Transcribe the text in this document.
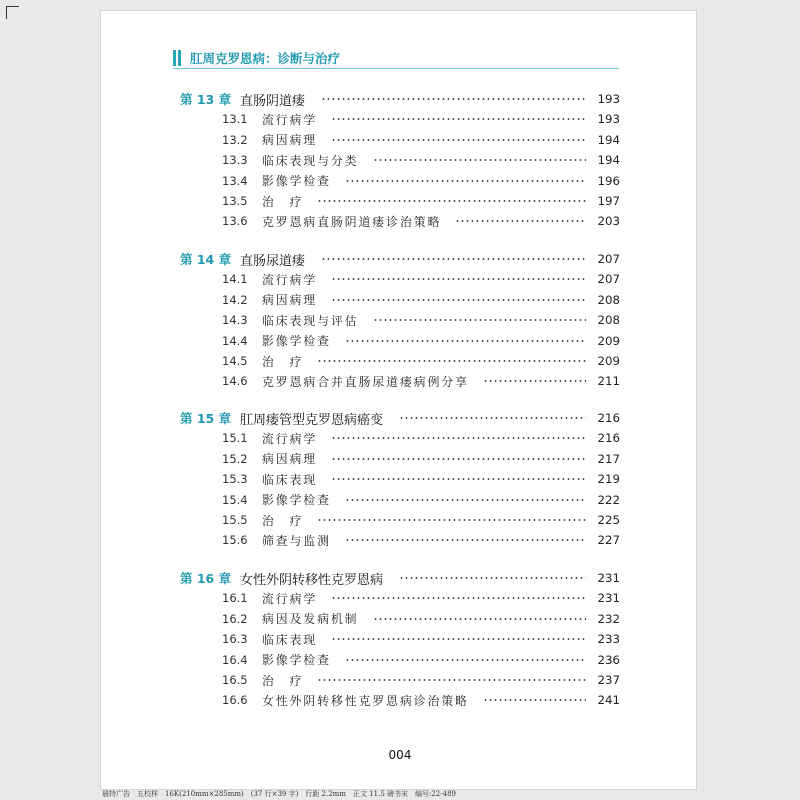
肛周克罗恩病：诊断与治疗
第 13 章 直肠阴道瘘	193
13.1	流行病学	193
13.2	病因病理	194
13.3	临床表现与分类	194
13.4	影像学检查	196
13.5	治　疗	197
13.6	克罗恩病直肠阴道瘘诊治策略	203
第 14 章 直肠尿道瘘	207
14.1	流行病学	207
14.2	病因病理	208
14.3	临床表现与评估	208
14.4	影像学检查	209
14.5	治　疗	209
14.6	克罗恩病合并直肠尿道瘘病例分享	211
第 15 章 肛周瘘管型克罗恩病癌变	216
15.1	流行病学	216
15.2	病因病理	217
15.3	临床表现	219
15.4	影像学检查	222
15.5	治　疗	225
15.6	筛查与监测	227
第 16 章 女性外阴转移性克罗恩病	231
16.1	流行病学	231
16.2	病因及发病机制	232
16.3	临床表现	233
16.4	影像学检查	236
16.5	治　疗	237
16.6	女性外阴转移性克罗恩病诊治策略	241
004
晨特广告　五校样　16K(210mm×285mm)　(37 行×39 字)　行距 2.2mm　正文 11.5 磅书宋　编号:22-489
